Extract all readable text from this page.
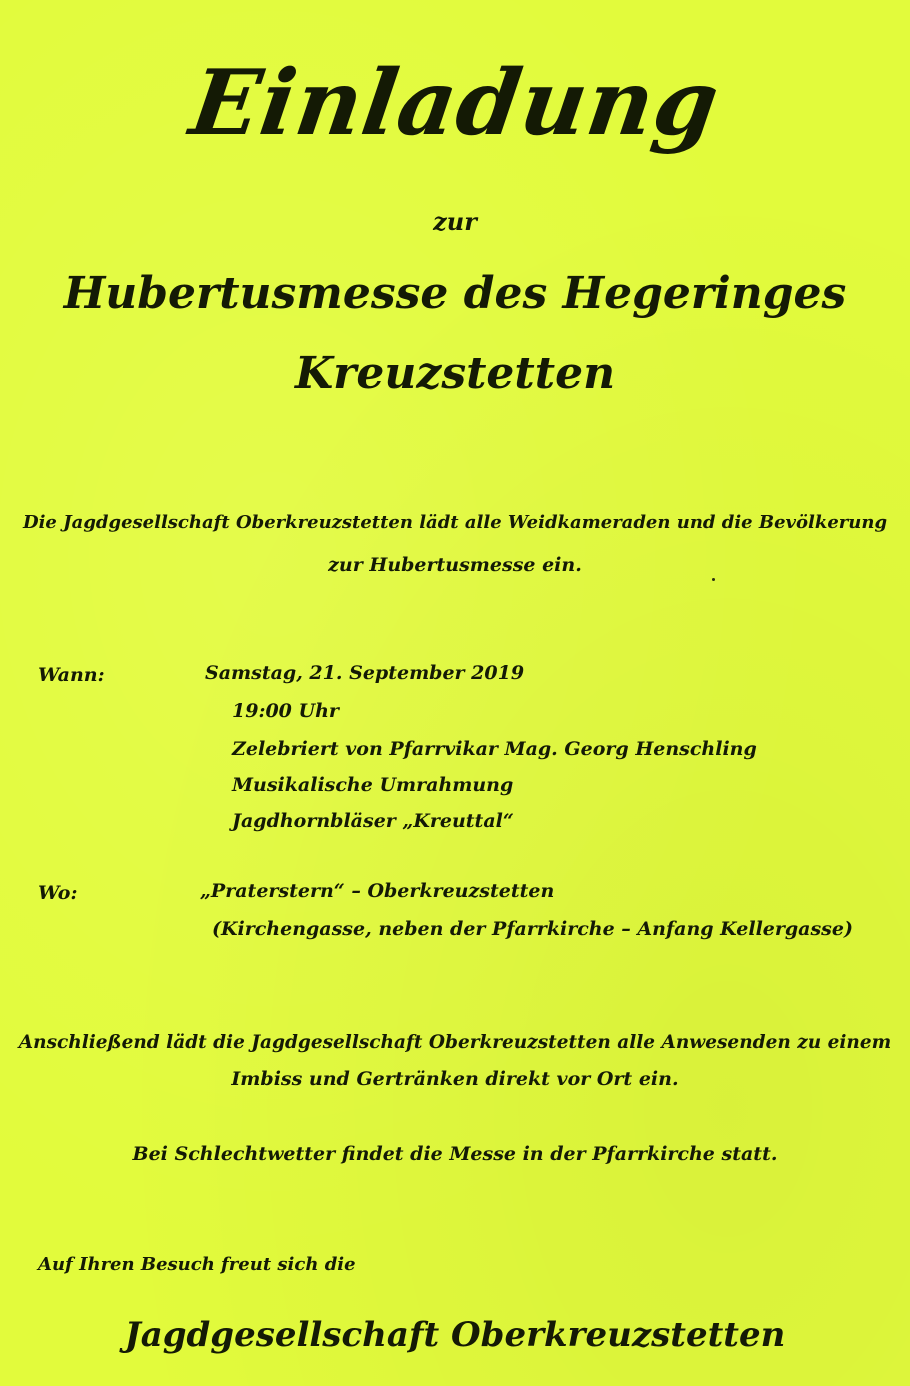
Einladung
zur
Hubertusmesse des Hegeringes
Kreuzstetten
Die Jagdgesellschaft Oberkreuzstetten lädt alle Weidkameraden und die Bevölkerung
zur Hubertusmesse ein.
Wann:	Samstag, 21. September 2019
19:00 Uhr
Zelebriert von Pfarrvikar Mag. Georg Henschling
Musikalische Umrahmung
Jagdhornbläser „Kreuttal“
Wo:	„Praterstern“ – Oberkreuzstetten
(Kirchengasse, neben der Pfarrkirche – Anfang Kellergasse)
Anschließend lädt die Jagdgesellschaft Oberkreuzstetten alle Anwesenden zu einem
Imbiss und Gertränken direkt vor Ort ein.
Bei Schlechtwetter findet die Messe in der Pfarrkirche statt.
Auf Ihren Besuch freut sich die
Jagdgesellschaft Oberkreuzstetten
